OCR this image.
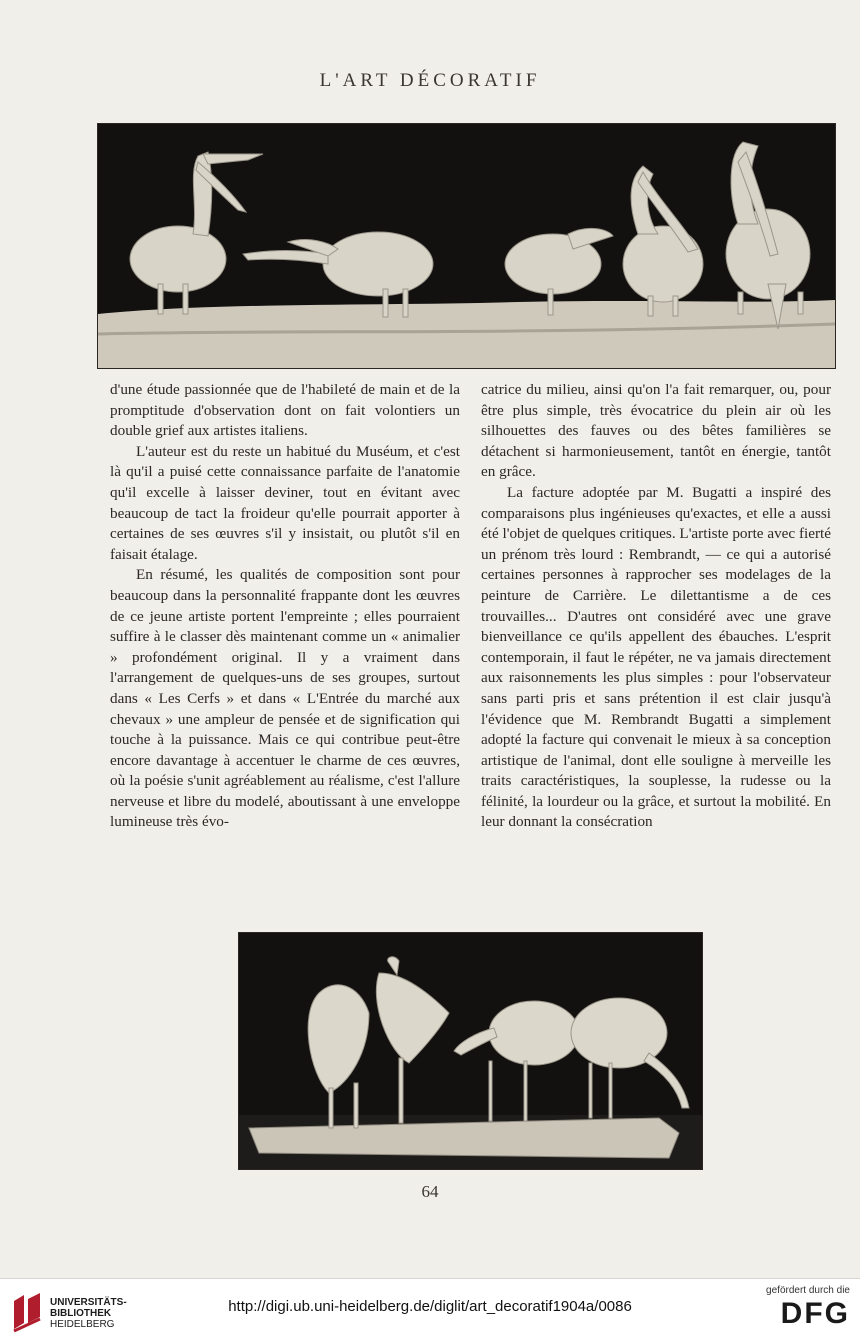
L'ART DÉCORATIF

d'une étude passionnée que de l'habileté de main et de la promptitude d'observation dont on fait volontiers un double grief aux artistes italiens.

L'auteur est du reste un habitué du Muséum, et c'est là qu'il a puisé cette connaissance parfaite de l'anatomie qu'il excelle à laisser deviner, tout en évitant avec beaucoup de tact la froideur qu'elle pourrait apporter à certaines de ses œuvres s'il y insistait, ou plutôt s'il en faisait étalage.

En résumé, les qualités de composition sont pour beaucoup dans la personnalité frappante dont les œuvres de ce jeune artiste portent l'empreinte ; elles pourraient suffire à le classer dès maintenant comme un « animalier » profondément original. Il y a vraiment dans l'arrangement de quelques-uns de ses groupes, surtout dans « Les Cerfs » et dans « L'Entrée du marché aux chevaux » une ampleur de pensée et de signification qui touche à la puissance. Mais ce qui contribue peut-être encore davantage à accentuer le charme de ces œuvres, où la poésie s'unit agréablement au réalisme, c'est l'allure nerveuse et libre du modelé, aboutissant à une enveloppe lumineuse très évo-

catrice du milieu, ainsi qu'on l'a fait remarquer, ou, pour être plus simple, très évocatrice du plein air où les silhouettes des fauves ou des bêtes familières se détachent si harmonieusement, tantôt en énergie, tantôt en grâce.

La facture adoptée par M. Bugatti a inspiré des comparaisons plus ingénieuses qu'exactes, et elle a aussi été l'objet de quelques critiques. L'artiste porte avec fierté un prénom très lourd : Rembrandt, — ce qui a autorisé certaines personnes à rapprocher ses modelages de la peinture de Carrière. Le dilettantisme a de ces trouvailles... D'autres ont considéré avec une grave bienveillance ce qu'ils appellent des ébauches. L'esprit contemporain, il faut le répéter, ne va jamais directement aux raisonnements les plus simples : pour l'observateur sans parti pris et sans prétention il est clair jusqu'à l'évidence que M. Rembrandt Bugatti a simplement adopté la facture qui convenait le mieux à sa conception artistique de l'animal, dont elle souligne à merveille les traits caractéristiques, la souplesse, la rudesse ou la félinité, la lourdeur ou la grâce, et surtout la mobilité. En leur donnant la consécration

64
UNIVERSITÄTS-
BIBLIOTHEK
HEIDELBERG
http://digi.ub.uni-heidelberg.de/diglit/art_decoratif1904a/0086
gefördert durch die
DFG
